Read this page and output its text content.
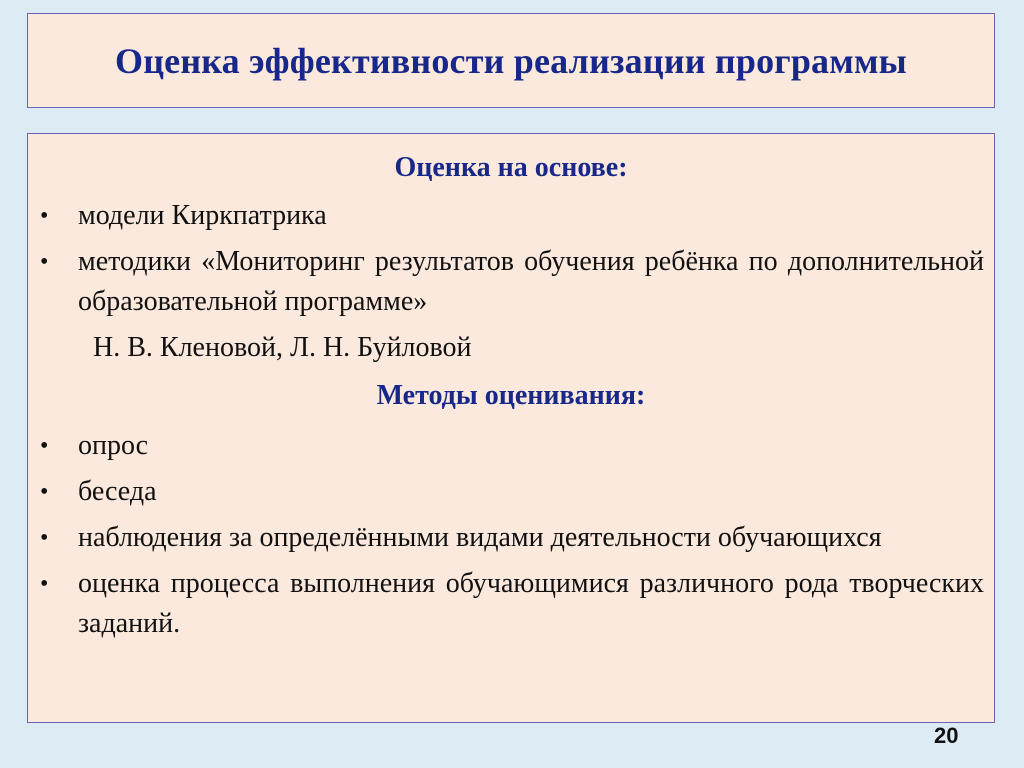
Оценка эффективности реализации программы
Оценка на основе:
• модели Киркпатрика
• методики «Мониторинг результатов обучения ребёнка по дополнительной образовательной программе»
Н. В. Кленовой, Л. Н. Буйловой
Методы оценивания:
• опрос
• беседа
• наблюдения за определёнными видами деятельности обучающихся
• оценка процесса выполнения обучающимися различного рода творческих заданий.
20
